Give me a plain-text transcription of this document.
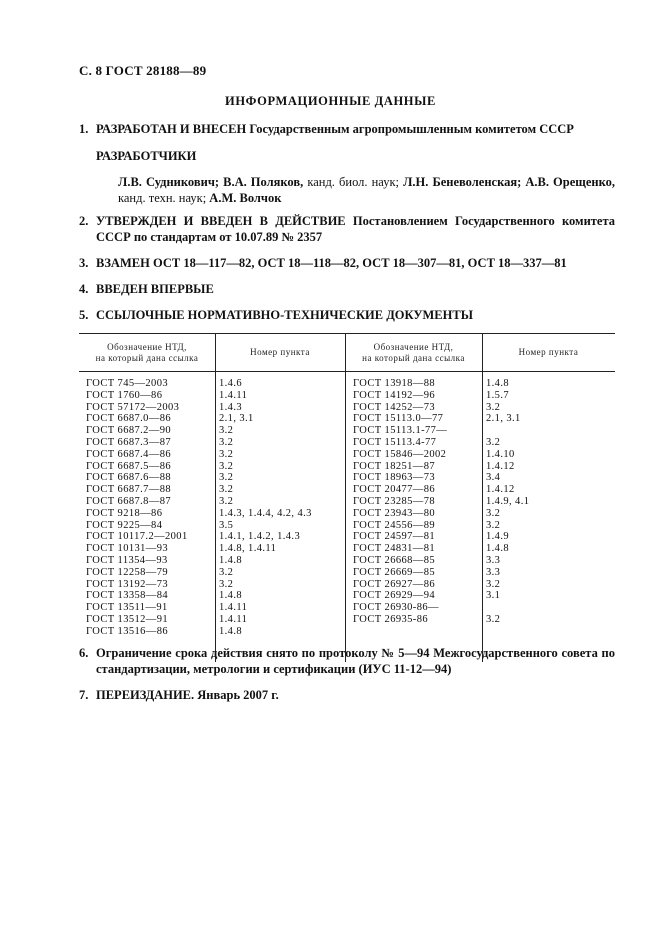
С. 8 ГОСТ 28188—89
ИНФОРМАЦИОННЫЕ ДАННЫЕ
1. РАЗРАБОТАН И ВНЕСЕН Государственным агропромышленным комитетом СССР
РАЗРАБОТЧИКИ
Л.В. Судникович; В.А. Поляков, канд. биол. наук; Л.Н. Беневоленская; А.В. Орещенко, канд. техн. наук; А.М. Волчок
2. УТВЕРЖДЕН И ВВЕДЕН В ДЕЙСТВИЕ Постановлением Государственного комитета СССР по стандартам от 10.07.89 № 2357
3. ВЗАМЕН ОСТ 18—117—82, ОСТ 18—118—82, ОСТ 18—307—81, ОСТ 18—337—81
4. ВВЕДЕН ВПЕРВЫЕ
5. ССЫЛОЧНЫЕ НОРМАТИВНО-ТЕХНИЧЕСКИЕ ДОКУМЕНТЫ
Обозначение НТД,
на который дана ссылка
Номер пункта
Обозначение НТД,
на который дана ссылка
Номер пункта
ГОСТ 745—2003
ГОСТ 1760—86
ГОСТ 57172—2003
ГОСТ 6687.0—86
ГОСТ 6687.2—90
ГОСТ 6687.3—87
ГОСТ 6687.4—86
ГОСТ 6687.5—86
ГОСТ 6687.6—88
ГОСТ 6687.7—88
ГОСТ 6687.8—87
ГОСТ 9218—86
ГОСТ 9225—84
ГОСТ 10117.2—2001
ГОСТ 10131—93
ГОСТ 11354—93
ГОСТ 12258—79
ГОСТ 13192—73
ГОСТ 13358—84
ГОСТ 13511—91
ГОСТ 13512—91
ГОСТ 13516—86
1.4.6
1.4.11
1.4.3
2.1, 3.1
3.2
3.2
3.2
3.2
3.2
3.2
3.2
1.4.3, 1.4.4, 4.2, 4.3
3.5
1.4.1, 1.4.2, 1.4.3
1.4.8, 1.4.11
1.4.8
3.2
3.2
1.4.8
1.4.11
1.4.11
1.4.8
ГОСТ 13918—88
ГОСТ 14192—96
ГОСТ 14252—73
ГОСТ 15113.0—77
ГОСТ 15113.1-77—
ГОСТ 15113.4-77
ГОСТ 15846—2002
ГОСТ 18251—87
ГОСТ 18963—73
ГОСТ 20477—86
ГОСТ 23285—78
ГОСТ 23943—80
ГОСТ 24556—89
ГОСТ 24597—81
ГОСТ 24831—81
ГОСТ 26668—85
ГОСТ 26669—85
ГОСТ 26927—86
ГОСТ 26929—94
ГОСТ 26930-86—
ГОСТ 26935-86
1.4.8
1.5.7
3.2
2.1, 3.1
3.2
1.4.10
1.4.12
3.4
1.4.12
1.4.9, 4.1
3.2
3.2
1.4.9
1.4.8
3.3
3.3
3.2
3.1
3.2
6. Ограничение срока действия снято по протоколу № 5—94 Межгосударственного совета по стандартизации, метрологии и сертификации (ИУС 11-12—94)
7. ПЕРЕИЗДАНИЕ. Январь 2007 г.
